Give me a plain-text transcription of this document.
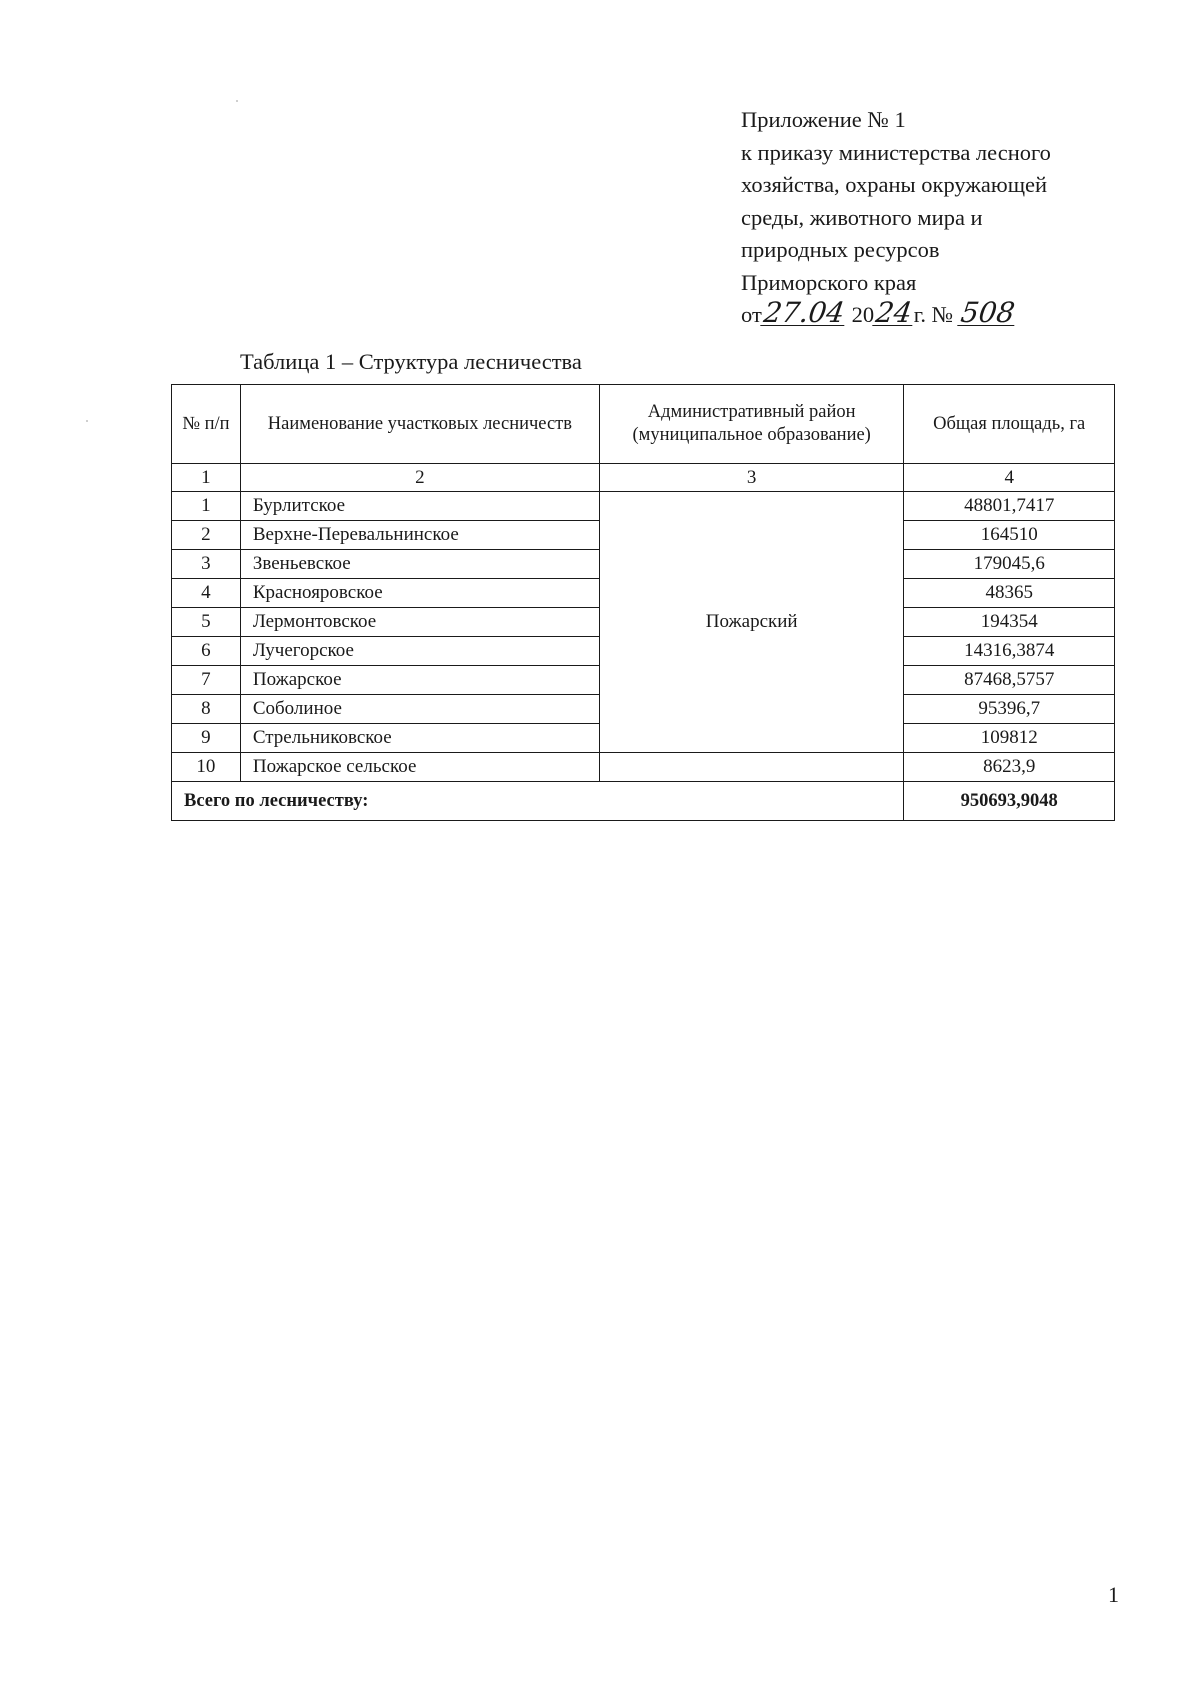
Приложение № 1
к приказу министерства лесного
хозяйства, охраны окружающей
среды, животного мира и
природных ресурсов
Приморского края
от27.04 2024г. № 508
Таблица 1 – Структура лесничества
№ п/п	Наименование участковых лесничеств	Административный район (муниципальное образование)	Общая площадь, га
1	2	3	4
1	Бурлитское	Пожарский	48801,7417
2	Верхне-Перевальнинское		164510
3	Звеньевское		179045,6
4	Краснояровское		48365
5	Лермонтовское		194354
6	Лучегорское		14316,3874
7	Пожарское		87468,5757
8	Соболиное		95396,7
9	Стрельниковское		109812
10	Пожарское сельское		8623,9
Всего по лесничеству:			950693,9048
1
